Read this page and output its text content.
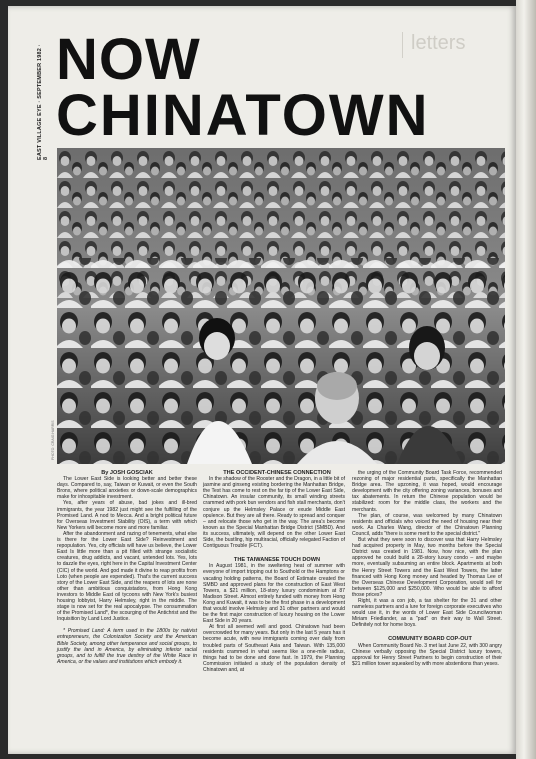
letters
EAST VILLAGE EYE · SEPTEMBER 1982 · 8
NOW
CHINATOWN
PHOTO: CRAIG HARRIS

By JOSH GOSCIAK

The Lower East Side is looking better and better these days. Compared to, say, Taiwan or Kuwait, or even the South Bronx, where political anxieties or down-scale demographics make for inhospitable investment.

Yes, after years of abuse, bad jokes and ill-bred immigrants, the year 1982 just might see the fulfilling of the Promised Land. A nod to Mecca. And a bright political future for Overseas Investment Stability (OIS), a term with which New Yorkers will become more and more familiar.

After the abandonment and razing of tenements, what else is there for the Lower East Side? Reinvestment and repopulation. Yes, city officials will have us believe, the Lower East Is little more than a pit filled with strange socialistic creatures, drug addicts, and vacant, untended lots. Yes, lots to dazzle the eyes, right here in the Capital Investment Center (CIC) of the world. And god made it divine to reap profits from Loto (when people are expended). That's the current success story of the Lower East Side, and the reapers of lots are none other than ambitious conquistadors, from Hong Kong investors to Middle East oil tycoons with New York's busiest housing lobbyist, Harry Helmsley, right in the middle. The stage is now set for the real apocalypse. The consummation of the Promised Land*, the scourging of the Antichrist and the Inquisition by Land Lord Justice.

* Promised Land: A term used in the 1800s by nativist entrepreneurs, the Colonization Society and the American Bible Society, among other temperance and social groups, to justify the land in America, by eliminating inferior racial groups, and to fulfill the true destiny of the White Race in America, or the values and institutions which embody it.

THE OCCIDENT-CHINESE CONNECTION

In the shadow of the Rooster and the Dragon, in a little bit of jasmine and ginseng existing bordering the Manhattan Bridge, the Test has come to rest on the far tip of the Lower East Side, Chinatown. An insular community, its small winding streets crammed with pork bun vendors and fish stall merchants, don't conjure up the Helmsley Palace or exude Middle East opulence. But they are all there. Ready to spread and conquer – and relocate those who get in the way. The area's become known as the Special Manhattan Bridge District (SMBD). And its success, ultimately, will depend on the other Lower East Side, the bustling, hip multiracial, officially relegated Faction of Contiguous Trouble (FCT).

THE TAIWANESE TOUCH DOWN

In August 1981, in the sweltering heat of summer with everyone of import tripping out to Southold or the Hamptons or vacating holding patterns, the Board of Estimate created the SMBD and approved plans for the construction of East West Towers, a $21 million, 18-story luxury condominium at 87 Madison Street. Almost entirely funded with money from Hong Kong and Kuwait, it was to be the first phase in a development that would involve Helmsley and 31 other partners and would be the first major construction of luxury housing on the Lower East Side in 20 years.

At first all seemed well and good. Chinatown had been overcrowded for many years. But only in the last 5 years has it become acute, with new immigrants coming over daily from troubled parts of Southeast Asia and Taiwan. With 135,000 residents crammed in what seems like a one-mile radius, things had to be done and done fast. In 1979, the Planning Commission initiated a study of the population density of Chinatown and, at

the urging of the Community Board Task Force, recommended rezoning of major residential parts, specifically the Manhattan Bridge area. The upzoning, it was hoped, would encourage development with the city offering zoning variances, bonuses and tax abatements. In return the Chinese population would be stabilized: room for the middle class, the workers and the merchants.

The plan, of course, was welcomed by many Chinatown residents and officials who voiced the need of housing near their work. As Charles Wang, director of the Chinatown Planning Council, adds "there is some merit to the special district."

But what they were soon to discover was that Harry Helmsley had acquired property in May, two months before the Special District was created in 1981. Now, how nice, with the plan approved he could build a 28-story luxury condo – and maybe more, eventually subsuming an entire block. Apartments at both the Henry Street Towers and the East West Towers, the latter financed with Hong Kong money and headed by Thomas Lee of the Overseas Chinese Development Corporation, would sell for between $125,000 and $250,000. Who would be able to afford those prices?

Right, it was a con job, a tax shelter for the 31 and other nameless partners and a lure for foreign corporate executives who would use it, in the words of Lower East Side Councilwoman Miriam Friedlander, as a "pad" on their way to Wall Street. Definitely not for home boys.

COMMUNITY BOARD COP-OUT

When Community Board No. 3 met last June 22, with 300 angry Chinese verbally opposing the Special District luxury towers, approval for Henry Street Partners to begin construction of their $21 million tower squeaked by with more abstentions than yeses.
